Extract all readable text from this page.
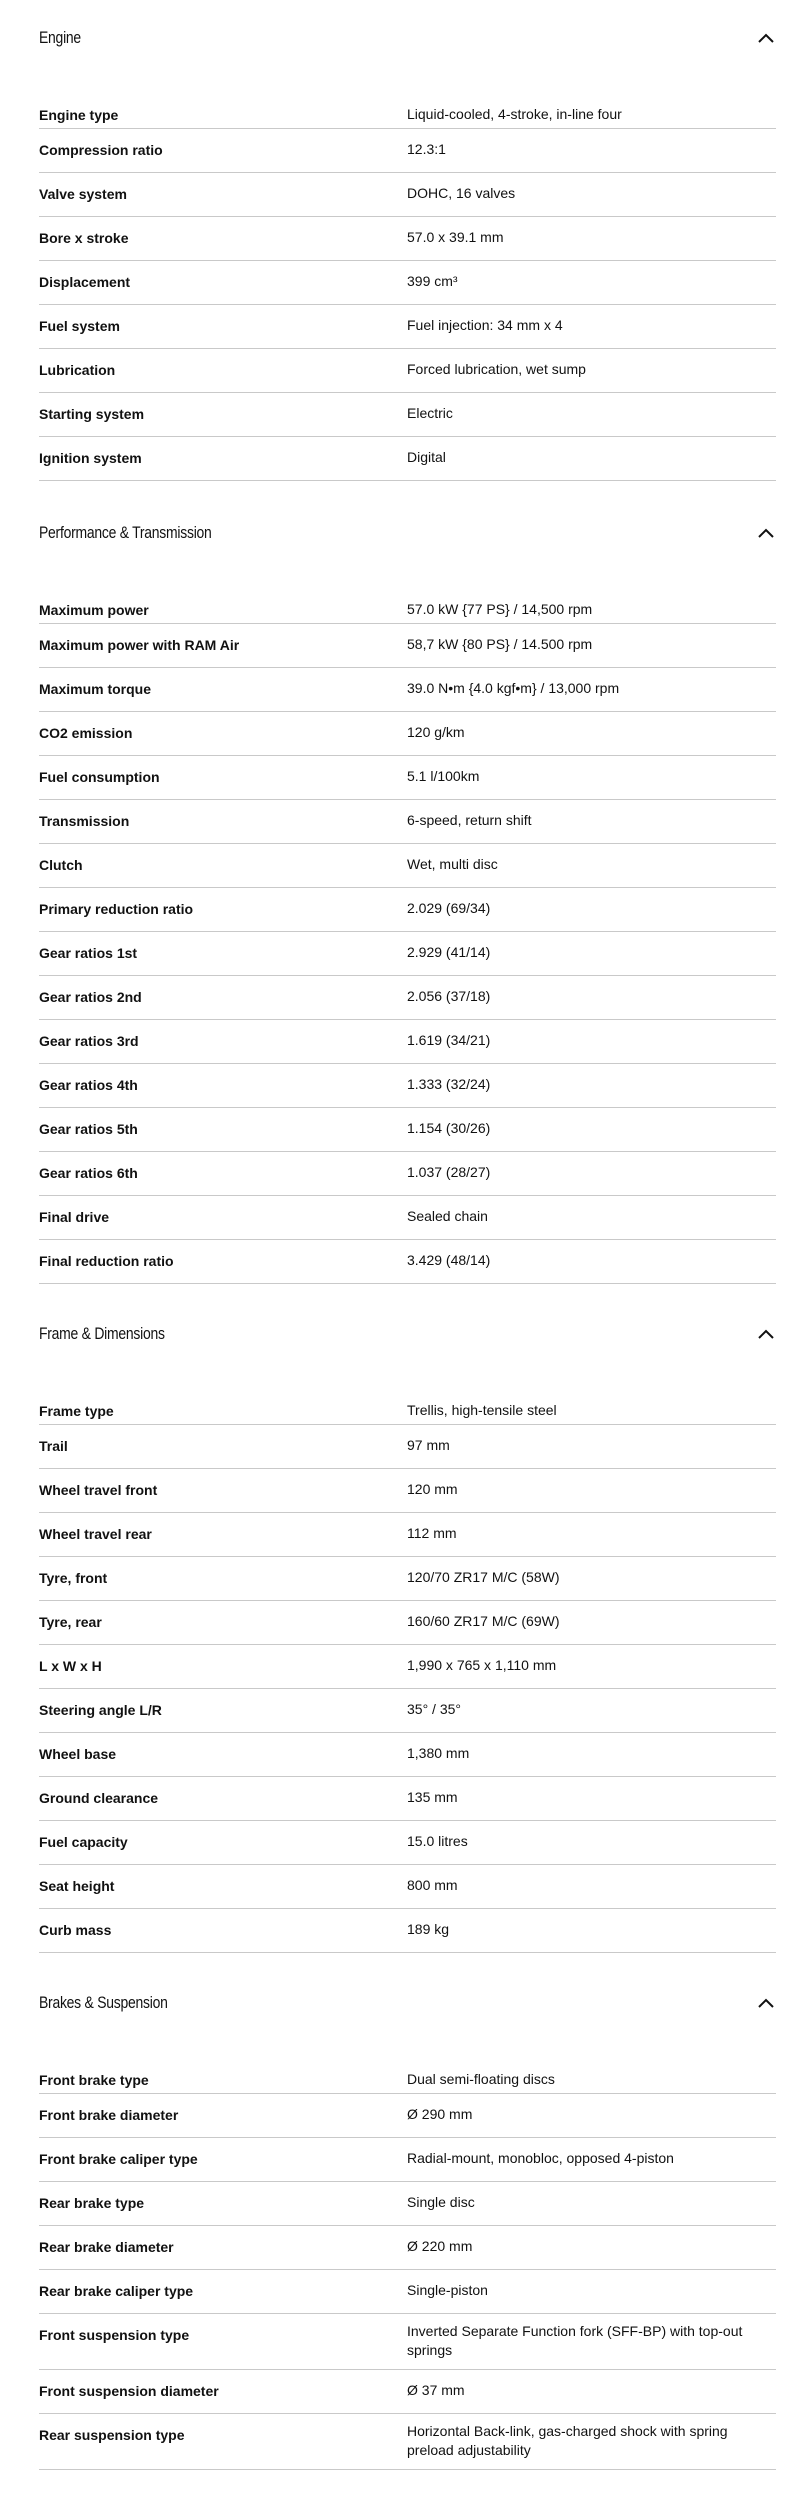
Engine
Engine type	Liquid-cooled, 4-stroke, in-line four
Compression ratio	12.3:1
Valve system	DOHC, 16 valves
Bore x stroke	57.0 x 39.1 mm
Displacement	399 cm³
Fuel system	Fuel injection: 34 mm x 4
Lubrication	Forced lubrication, wet sump
Starting system	Electric
Ignition system	Digital
Performance & Transmission
Maximum power	57.0 kW {77 PS} / 14,500 rpm
Maximum power with RAM Air	58,7 kW {80 PS} / 14.500 rpm
Maximum torque	39.0 N•m {4.0 kgf•m} / 13,000 rpm
CO2 emission	120 g/km
Fuel consumption	5.1 l/100km
Transmission	6-speed, return shift
Clutch	Wet, multi disc
Primary reduction ratio	2.029 (69/34)
Gear ratios 1st	2.929 (41/14)
Gear ratios 2nd	2.056 (37/18)
Gear ratios 3rd	1.619 (34/21)
Gear ratios 4th	1.333 (32/24)
Gear ratios 5th	1.154 (30/26)
Gear ratios 6th	1.037 (28/27)
Final drive	Sealed chain
Final reduction ratio	3.429 (48/14)
Frame & Dimensions
Frame type	Trellis, high-tensile steel
Trail	97 mm
Wheel travel front	120 mm
Wheel travel rear	112 mm
Tyre, front	120/70 ZR17 M/C (58W)
Tyre, rear	160/60 ZR17 M/C (69W)
L x W x H	1,990 x 765 x 1,110 mm
Steering angle L/R	35° / 35°
Wheel base	1,380 mm
Ground clearance	135 mm
Fuel capacity	15.0 litres
Seat height	800 mm
Curb mass	189 kg
Brakes & Suspension
Front brake type	Dual semi-floating discs
Front brake diameter	Ø 290 mm
Front brake caliper type	Radial-mount, monobloc, opposed 4-piston
Rear brake type	Single disc
Rear brake diameter	Ø 220 mm
Rear brake caliper type	Single-piston
Front suspension type	Inverted Separate Function fork (SFF-BP) with top-out springs
Front suspension diameter	Ø 37 mm
Rear suspension type	Horizontal Back-link, gas-charged shock with spring preload adjustability
